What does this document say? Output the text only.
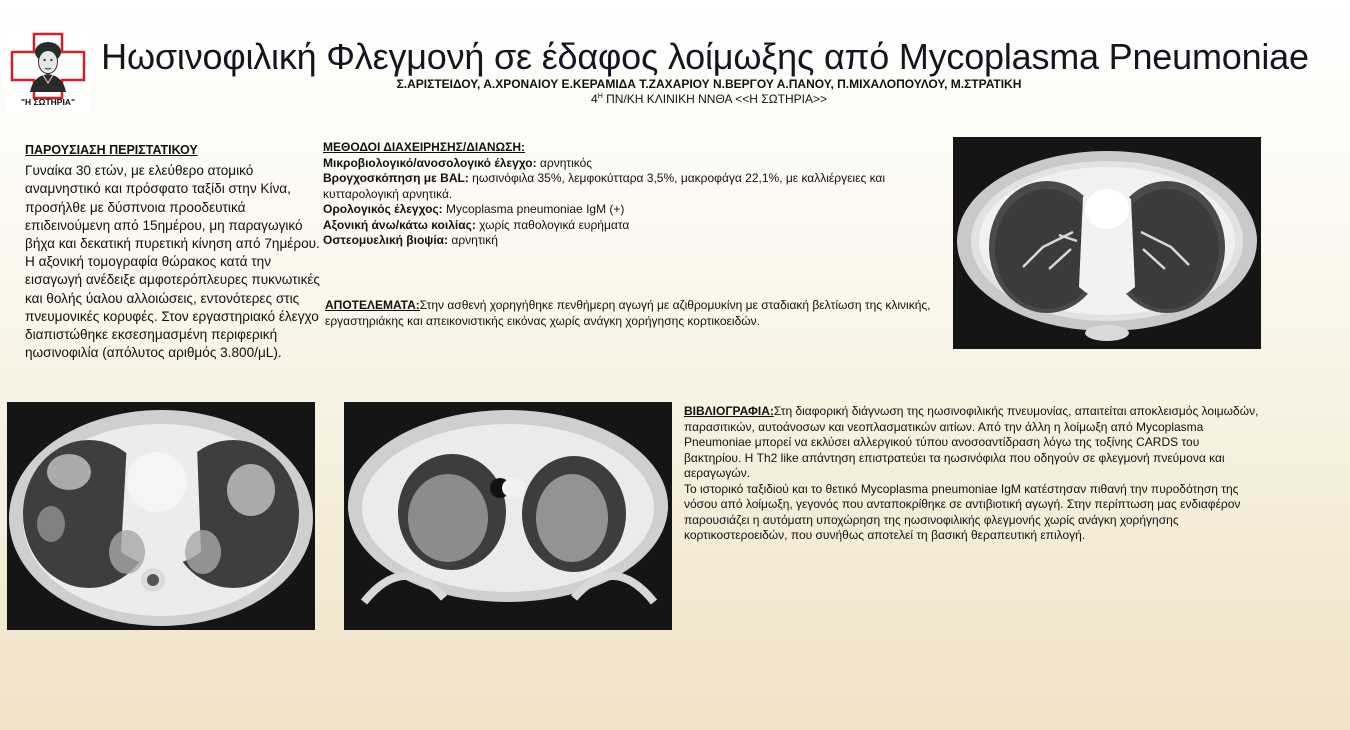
"Η ΣΩΤΗΡΙΑ"
Ηωσινοφιλική Φλεγμονή σε έδαφος λοίμωξης από Mycoplasma Pneumoniae
Σ.ΑΡΙΣΤΕΙΔΟΥ, Α.ΧΡΟΝΑΙΟΥ Ε.ΚΕΡΑΜΙΔΑ Τ.ΖΑΧΑΡΙΟΥ Ν.ΒΕΡΓΟΥ Α.ΠΑΝΟΥ, Π.ΜΙΧΑΛΟΠΟΥΛΟΥ, Μ.ΣΤΡΑΤΙΚΗ
$4^H$ ΠΝ/ΚΗ ΚΛΙΝΙΚΗ ΝΝΘΑ <<Η ΣΩΤΗΡΙΑ>>
ΠΑΡΟΥΣΙΑΣΗ ΠΕΡΙΣΤΑΤΙΚΟΥ
Γυναίκα 30 ετών, με ελεύθερο ατομικό αναμνηστικό και πρόσφατο ταξίδι στην Κίνα, προσήλθε με δύσπνοια προοδευτικά επιδεινούμενη από 15ημέρου, μη παραγωγικό βήχα και δεκατική πυρετική κίνηση από 7ημέρου. Η αξονική τομογραφία θώρακος κατά την εισαγωγή ανέδειξε αμφοτερόπλευρες πυκνωτικές και θολής ύαλου αλλοιώσεις, εντονότερες στις πνευμονικές κορυφές. Στον εργαστηριακό έλεγχο διαπιστώθηκε εκσεσημασμένη περιφερική ηωσινοφιλία (απόλυτος αριθμός 3.800/μL).
ΜΕΘΟΔΟΙ ΔΙΑΧΕΙΡΗΣΗΣ/ΔΙΑΝΩΣΗ:
Μικροβιολογικό/ανοσολογικό έλεγχο: αρνητικός
Βρογχοσκόπηση με BAL: ηωσινόφιλα 35%, λεμφοκύτταρα 3,5%, μακροφάγα 22,1%, με καλλιέργειες και κυτταρολογική αρνητικά.
Ορολογικός έλεγχος: Mycoplasma pneumoniae IgM (+)
Αξονική άνω/κάτω κοιλίας: χωρίς παθολογικά ευρήματα
Οστεομυελική βιοψία: αρνητική
ΑΠΟΤΕΛΕΜΑΤΑ:Στην ασθενή χορηγήθηκε πενθήμερη αγωγή με αζιθρομυκίνη με σταδιακή βελτίωση της κλινικής, εργαστηριάκης και απεικονιστικής εικόνας χωρίς ανάγκη χορήγησης κορτικοειδών.
ΒΙΒΛΙΟΓΡΑΦΙΑ:Στη διαφορική διάγνωση της ηωσινοφιλικής πνευμονίας, απαιτείται αποκλεισμός λοιμωδών, παρασιτικών, αυτοάνοσων και νεοπλασματικών αιτίων. Από την άλλη η λοίμωξη από Mycoplasma Pneumoniae μπορεί να εκλύσει αλλεργικού τύπου ανοσοαντίδραση λόγω της τοξίνης CARDS του βακτηρίου. Η Th2 like απάντηση επιστρατεύει τα ηωσινόφιλα που οδηγούν σε φλεγμονή πνεύμονα και αεραγωγών.
Το ιστορικό ταξιδιού και το θετικό Mycoplasma pneumoniae IgM κατέστησαν πιθανή την πυροδότηση της νόσου από λοίμωξη, γεγονός που ανταποκρίθηκε σε αντιβιοτική αγωγή. Στην περίπτωση μας ενδιαφέρον παρουσιάζει η αυτόματη υποχώρηση της ηωσινοφιλικής φλεγμονής χωρίς ανάγκη χορήγησης κορτικοστεροειδών, που συνήθως αποτελεί τη βασική θεραπευτική επιλογή.
